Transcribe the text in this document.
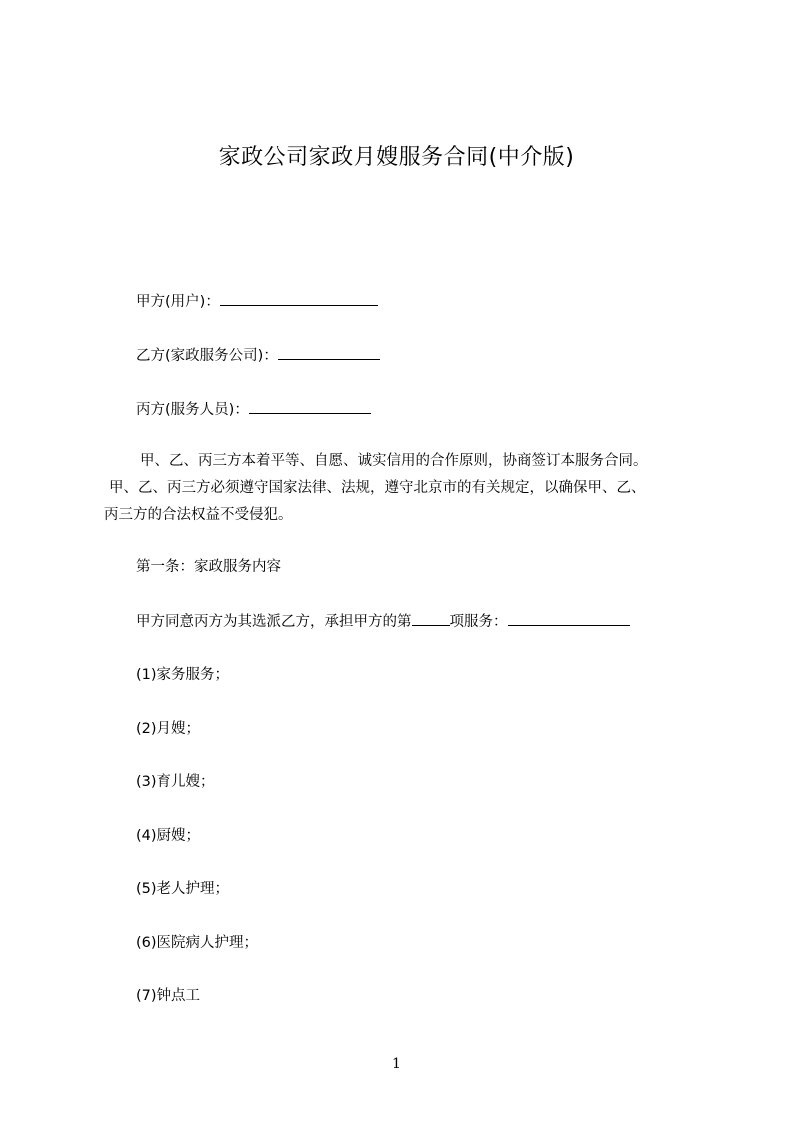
家政公司家政月嫂服务合同(中介版)
甲方(用户)：
乙方(家政服务公司)：
丙方(服务人员)：
甲、乙、丙三方本着平等、自愿、诚实信用的合作原则，协商签订本服务合同。
甲、乙、丙三方必须遵守国家法律、法规，遵守北京市的有关规定，以确保甲、乙、
丙三方的合法权益不受侵犯。
第一条：家政服务内容
甲方同意丙方为其选派乙方，承担甲方的第	项服务：
(1)家务服务；
(2)月嫂；
(3)育儿嫂；
(4)厨嫂；
(5)老人护理；
(6)医院病人护理；
(7)钟点工
1
